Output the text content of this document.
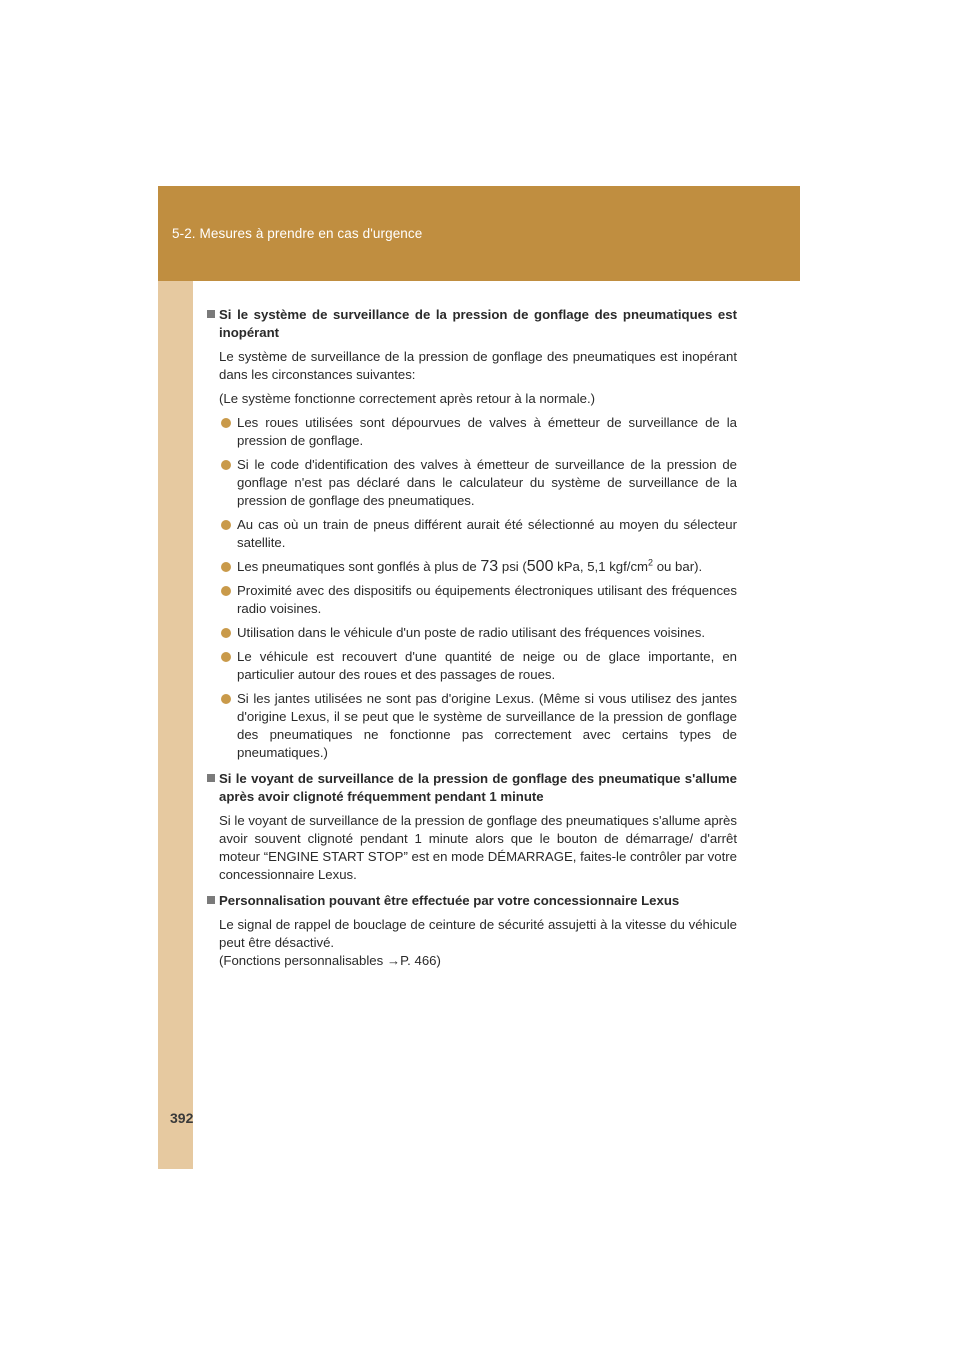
5-2. Mesures à prendre en cas d'urgence
Si le système de surveillance de la pression de gonflage des pneumatiques est inopérant
Le système de surveillance de la pression de gonflage des pneumatiques est inopérant dans les circonstances suivantes:
(Le système fonctionne correctement après retour à la normale.)
Les roues utilisées sont dépourvues de valves à émetteur de surveillance de la pression de gonflage.
Si le code d'identification des valves à émetteur de surveillance de la pression de gonflage n'est pas déclaré dans le calculateur du système de surveillance de la pression de gonflage des pneumatiques.
Au cas où un train de pneus différent aurait été sélectionné au moyen du sélecteur satellite.
Les pneumatiques sont gonflés à plus de 73 psi (500 kPa, 5,1 kgf/$cm^2$ ou bar).
Proximité avec des dispositifs ou équipements électroniques utilisant des fréquences radio voisines.
Utilisation dans le véhicule d'un poste de radio utilisant des fréquences voisines.
Le véhicule est recouvert d'une quantité de neige ou de glace importante, en particulier autour des roues et des passages de roues.
Si les jantes utilisées ne sont pas d'origine Lexus. (Même si vous utilisez des jantes d'origine Lexus, il se peut que le système de surveillance de la pression de gonflage des pneumatiques ne fonctionne pas correctement avec certains types de pneumatiques.)
Si le voyant de surveillance de la pression de gonflage des pneumatique s'allume après avoir clignoté fréquemment pendant 1 minute
Si le voyant de surveillance de la pression de gonflage des pneumatiques s'allume après avoir souvent clignoté pendant 1 minute alors que le bouton de démarrage/ d'arrêt moteur “ENGINE START STOP” est en mode DÉMARRAGE, faites-le contrôler par votre concessionnaire Lexus.
Personnalisation pouvant être effectuée par votre concessionnaire Lexus
Le signal de rappel de bouclage de ceinture de sécurité assujetti à la vitesse du véhicule peut être désactivé.
(Fonctions personnalisables →P. 466)
392
